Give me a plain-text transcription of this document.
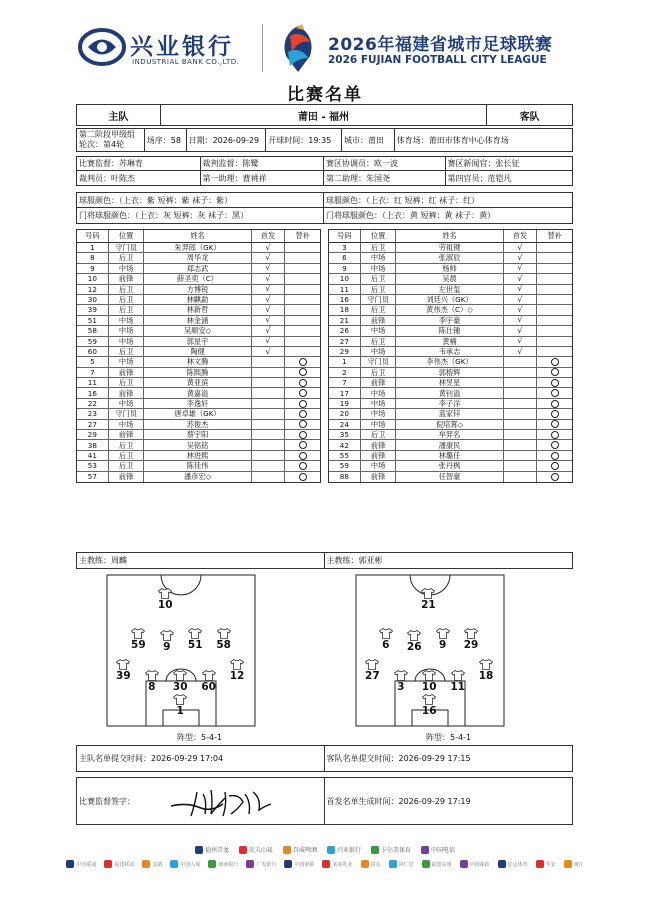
兴业银行
INDUSTRIAL BANK CO.,LTD.
2026年福建省城市足球联赛
2026 FUJIAN FOOTBALL CITY LEAGUE
比赛名单
主队	莆田 - 福州	客队
第二阶段甲级组
轮次：第4轮	场序：58 日期：2026-09-29	开球时间：19:35	城市：莆田	体育场：莆田市体育中心体育场
比赛监督：苏琳育	裁判监督：陈鹭	赛区协调员：欧一波	赛区新闻官：张长征
裁判员：叶陈杰	第一助理：曹祧祥	第二助理：朱国尧	第四官员：范铠凡
球服颜色：（上衣：紫 短裤：紫 袜子：紫）	球服颜色：（上衣：红 短裤：红 袜子：红）
门将球服颜色：（上衣：灰 短裤：灰 袜子：黑）	门将球服颜色：（上衣：黄 短裤：黄 袜子：黄）
号码	位置	姓名	首发	替补
1	守门员	朱羿郎（GK）	√
8	后卫	周华龙	√
9	中场	郑志武	√
10	前锋	薛圣奕（C）	√
12	后卫	方博锐	√
30	后卫	林麒勐	√
39	后卫	林新哲	√
51	中场	林金涵	√
58	中场	吴顺安◇	√
59	中场	郭星宇	√
60	后卫	陶健	√
5	中场	林文腾
7	前锋	陈熙腾
11	后卫	黄亚滨
16	前锋	黄嘉溢
22	中场	李逸轩
23	守门员	唐卓雄（GK）
27	中场	苏俊杰
29	前锋	蔡宇阳
38	后卫	吴铭铭
41	后卫	林进熙
53	后卫	陈佳伟
57	前锋	潘彦宏◇
号码	位置	姓名	首发	替补
3	后卫	劳祖键	√
6	中场	张淑辰	√
9	中场	杨帅	√
10	后卫	吴晨	√
11	后卫	左世玺	√
16	守门员	刘廷兴（GK）	√
18	后卫	黄伟杰（C）◇	√
21	前锋	李宇豪	√
26	中场	陈仕锺	√
27	后卫	黄楠	√
29	中场	韦承志	√
1	守门员	李伟杰（GK）
2	后卫	郭榕辉
7	前锋	林昱星
17	中场	黄钊溢
19	中场	李子洋
20	中场	蓝家锌
24	中场	倪培霄◇
35	后卫	牟羿名
42	前锋	潘康民
55	前锋	林璐任
59	中场	张丹枫
88	前锋	任智豪
主教练：周麟	主教练：郭亚彬
10
59	9	51	58
39
8	30	60
12
1
21
6	26	9	29
27
3	10	11
18
16
阵型：5-4-1	阵型：5-4-1
主队名单提交时间：2026-09-29 17:04	客队名单提交时间：2026-09-29 17:15
比赛监督签字：	首发名单生成时间：2026-09-29 17:19
福州青龙	农夫山泉	百威啤酒	兴业银行	卡尔美体育	中国电信
中国联通	福建移动	安踏	中国人保	闽商银行	广发银行	中国银联	某某乳业	富友	同仁堂	福建高速	中国邮政	好运体育	华安	闽江
